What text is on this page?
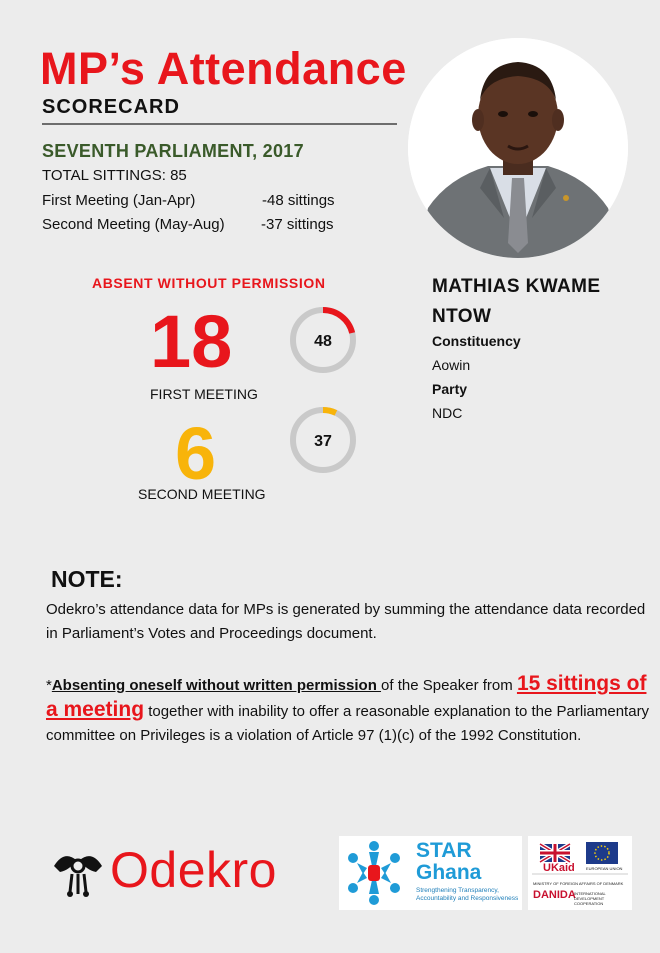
MP’s Attendance
SCORECARD
SEVENTH PARLIAMENT, 2017
TOTAL SITTINGS: 85
First Meeting (Jan-Apr)	-48 sittings
Second Meeting (May-Aug) -37 sittings
ABSENT WITHOUT PERMISSION
18
FIRST MEETING
6
SECOND MEETING
48
37
MATHIAS KWAME NTOW
Constituency
Aowin
Party
NDC
NOTE:
Odekro’s attendance data for MPs is generated by summing the attendance data recorded in Parliament’s Votes and Proceedings document.
*Absenting oneself without written permission of the Speaker from 15 sittings of a meeting together with inability to offer a reasonable explanation to the Parliamentary committee on Privileges is a violation of Article 97 (1)(c) of the 1992 Constitution.
Odekro	STAR
Ghana
Strengthening Transparency, Accountability and Responsiveness
UKaid	EUROPEAN UNION
MINISTRY OF FOREIGN AFFAIRS OF DENMARK
DANIDA
INTERNATIONAL DEVELOPMENT COOPERATION
